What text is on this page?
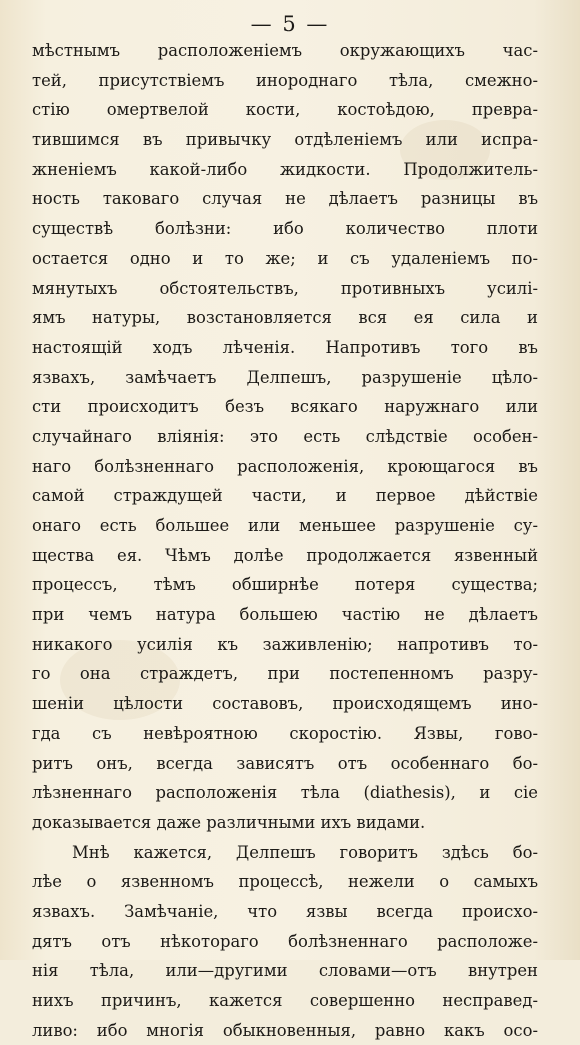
— 5 —
мѣстнымъ расположеніемъ окружающихъ час-
тей, присутствіемъ инороднаго тѣла, смежно-
стію омертвелой кости, костоѣдою, превра-
тившимся въ привычку отдѣленіемъ или испра-
жненіемъ какой-либо жидкости. Продолжитель-
ность таковаго случая не дѣлаетъ разницы въ
существѣ болѣзни: ибо количество плоти
остается одно и то же; и съ удаленіемъ по-
мянутыхъ обстоятельствъ, противныхъ усилі-
ямъ натуры, возстановляется вся ея сила и
настоящій ходъ лѣченія. Напротивъ того въ
язвахъ, замѣчаетъ Делпешъ, разрушеніе цѣло-
сти происходитъ безъ всякаго наружнаго или
случайнаго вліянія: это есть слѣдствіе особен-
наго болѣзненнаго расположенія, кроющагося въ
самой страждущей части, и первое дѣйствіе
онаго есть большее или меньшее разрушеніе су-
щества ея. Чѣмъ долѣе продолжается язвенный
процессъ, тѣмъ обширнѣе потеря существа;
при чемъ натура большею частію не дѣлаетъ
никакого усилія къ заживленію; напротивъ то-
го она страждетъ, при постепенномъ разру-
шеніи цѣлости составовъ, происходящемъ ино-
гда съ невѣроятною скоростію. Язвы, гово-
ритъ онъ, всегда зависятъ отъ особеннаго бо-
лѣзненнаго расположенія тѣла (diathesis), и сіе
доказывается даже различными ихъ видами.
Мнѣ кажется, Делпешъ говоритъ здѣсь бо-
лѣе о язвенномъ процессѣ, нежели о самыхъ
язвахъ. Замѣчаніе, что язвы всегда происхо-
дятъ отъ нѣкотораго болѣзненнаго расположе-
нія тѣла, или—другими словами—отъ внутрен
нихъ причинъ, кажется совершенно несправед-
ливо: ибо многія обыкновенныя, равно какъ осо-
